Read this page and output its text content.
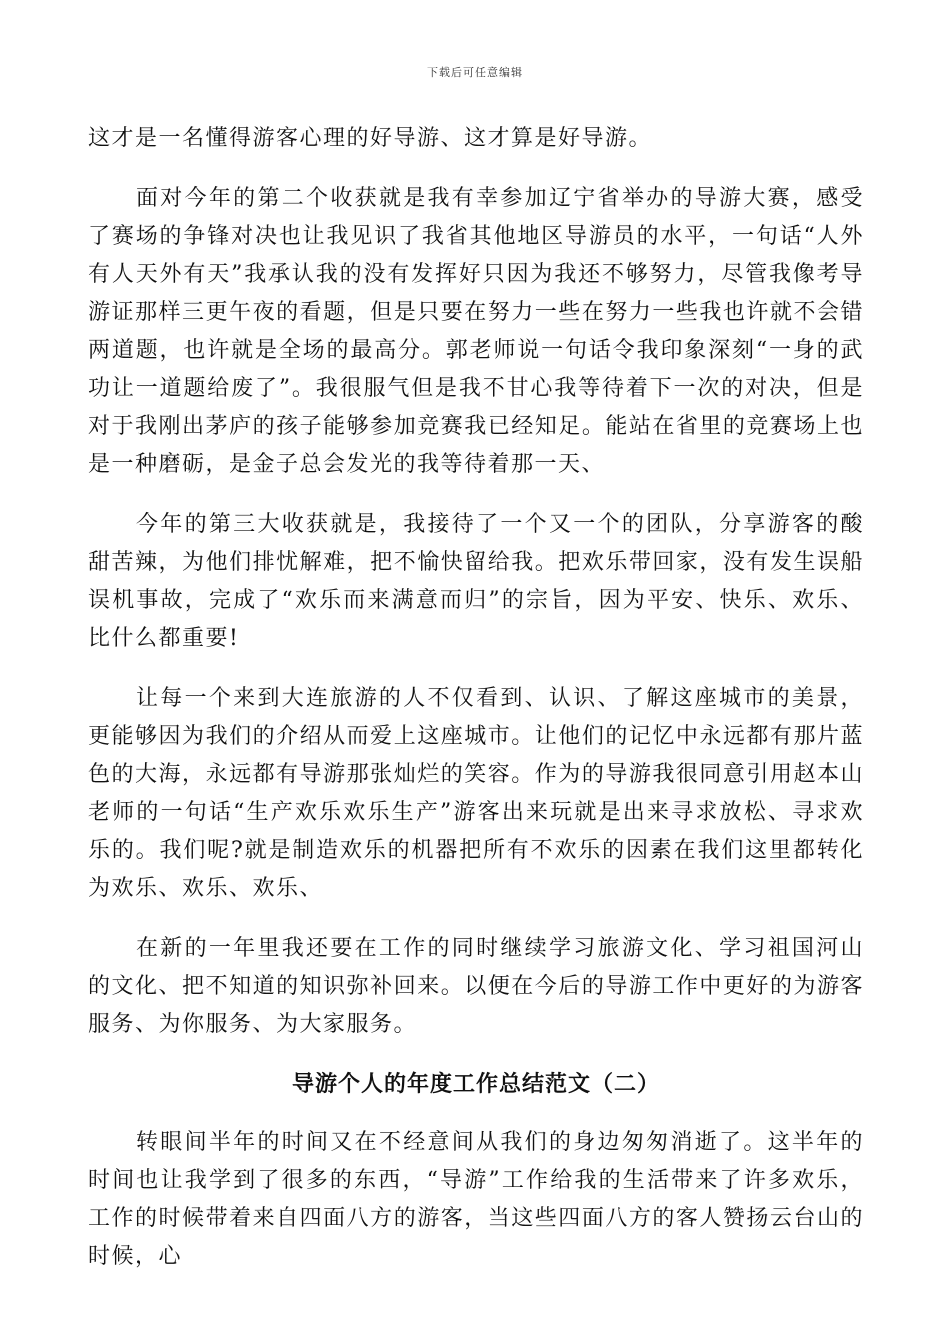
下载后可任意编辑

这才是一名懂得游客心理的好导游、这才算是好导游。

面对今年的第二个收获就是我有幸参加辽宁省举办的导游大赛，感受了赛场的争锋对决也让我见识了我省其他地区导游员的水平，一句话“人外有人天外有天”我承认我的没有发挥好只因为我还不够努力，尽管我像考导游证那样三更午夜的看题，但是只要在努力一些在努力一些我也许就不会错两道题，也许就是全场的最高分。郭老师说一句话令我印象深刻“一身的武功让一道题给废了”。我很服气但是我不甘心我等待着下一次的对决，但是对于我刚出茅庐的孩子能够参加竞赛我已经知足。能站在省里的竞赛场上也是一种磨砺，是金子总会发光的我等待着那一天、

今年的第三大收获就是，我接待了一个又一个的团队，分享游客的酸甜苦辣，为他们排忧解难，把不愉快留给我。把欢乐带回家，没有发生误船误机事故，完成了“欢乐而来满意而归”的宗旨，因为平安、快乐、欢乐、比什么都重要!

让每一个来到大连旅游的人不仅看到、认识、了解这座城市的美景，更能够因为我们的介绍从而爱上这座城市。让他们的记忆中永远都有那片蓝色的大海，永远都有导游那张灿烂的笑容。作为的导游我很同意引用赵本山老师的一句话“生产欢乐欢乐生产”游客出来玩就是出来寻求放松、寻求欢乐的。我们呢?就是制造欢乐的机器把所有不欢乐的因素在我们这里都转化为欢乐、欢乐、欢乐、

在新的一年里我还要在工作的同时继续学习旅游文化、学习祖国河山的文化、把不知道的知识弥补回来。以便在今后的导游工作中更好的为游客服务、为你服务、为大家服务。

导游个人的年度工作总结范文（二）

转眼间半年的时间又在不经意间从我们的身边匆匆消逝了。这半年的时间也让我学到了很多的东西，“导游”工作给我的生活带来了许多欢乐，工作的时候带着来自四面八方的游客，当这些四面八方的客人赞扬云台山的时候，心
